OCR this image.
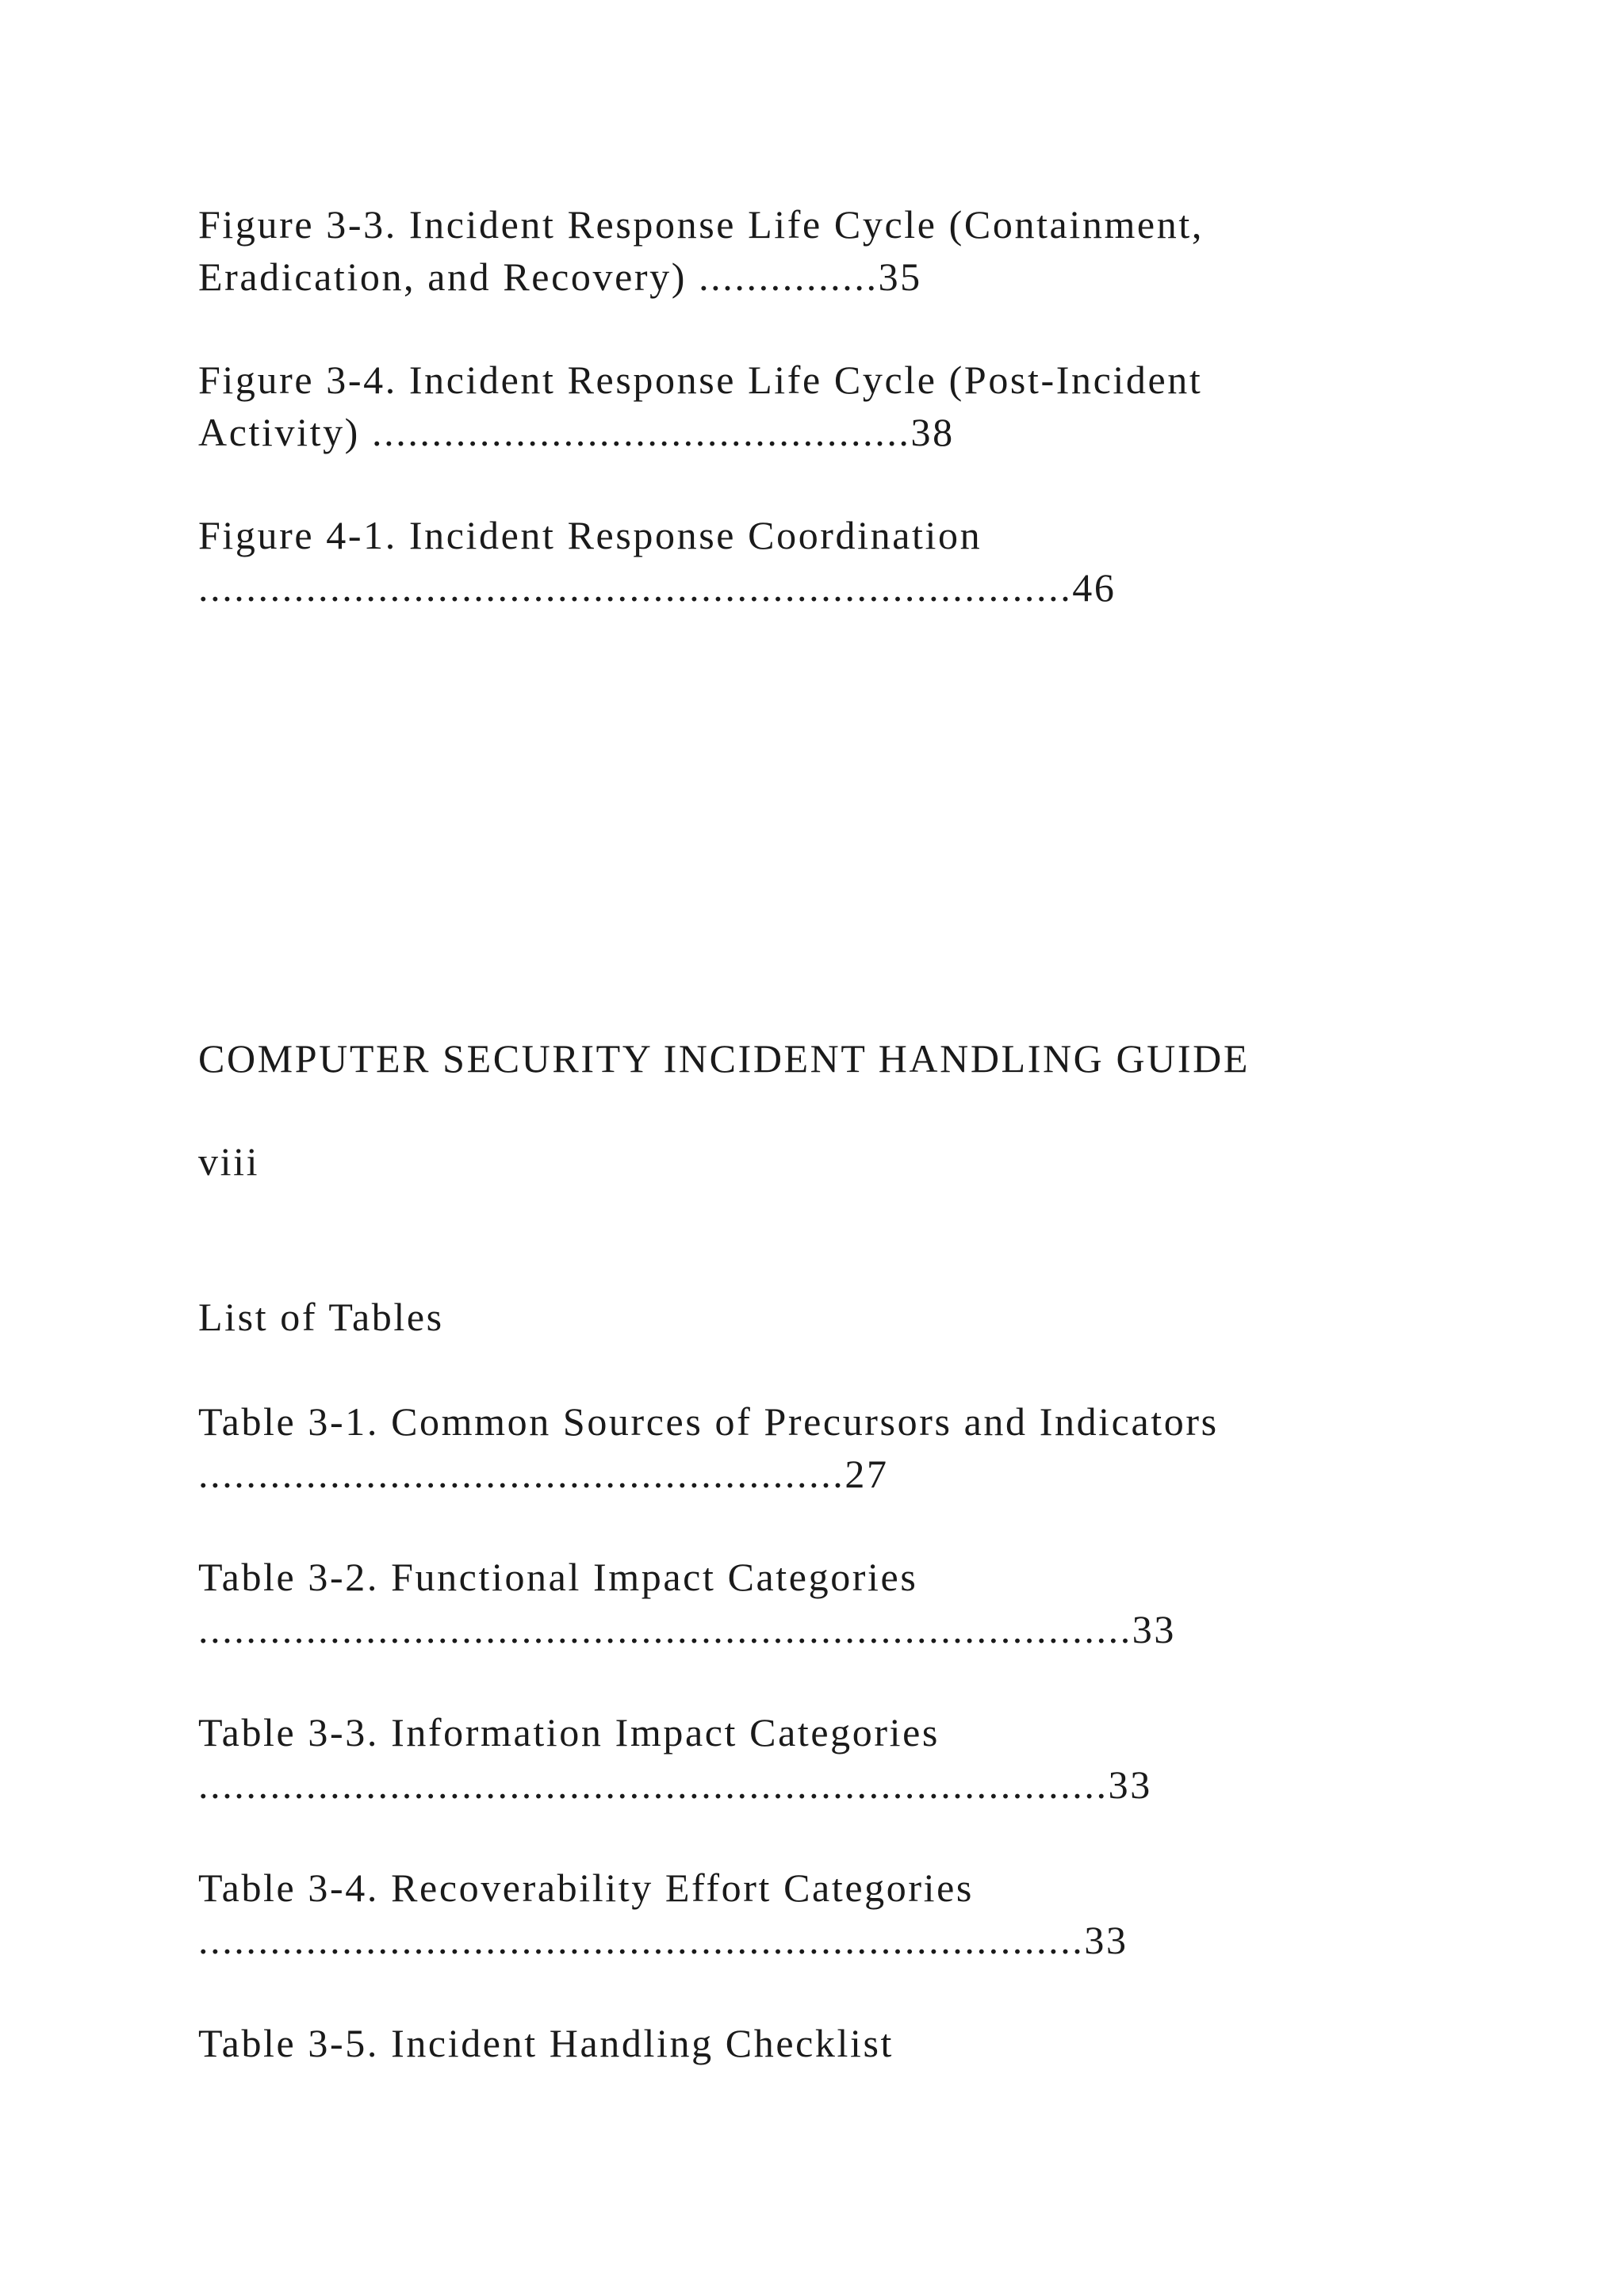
Figure 3-3. Incident Response Life Cycle (Containment,

Eradication, and Recovery) ...............35

Figure 3-4. Incident Response Life Cycle (Post-Incident

Activity) .............................................38

Figure 4-1. Incident Response Coordination

.........................................................................46

COMPUTER SECURITY INCIDENT HANDLING GUIDE

viii

List of Tables

Table 3-1. Common Sources of Precursors and Indicators

......................................................27

Table 3-2. Functional Impact Categories

..............................................................................33

Table 3-3. Information Impact Categories

............................................................................33

Table 3-4. Recoverability Effort Categories

..........................................................................33

Table 3-5. Incident Handling Checklist
